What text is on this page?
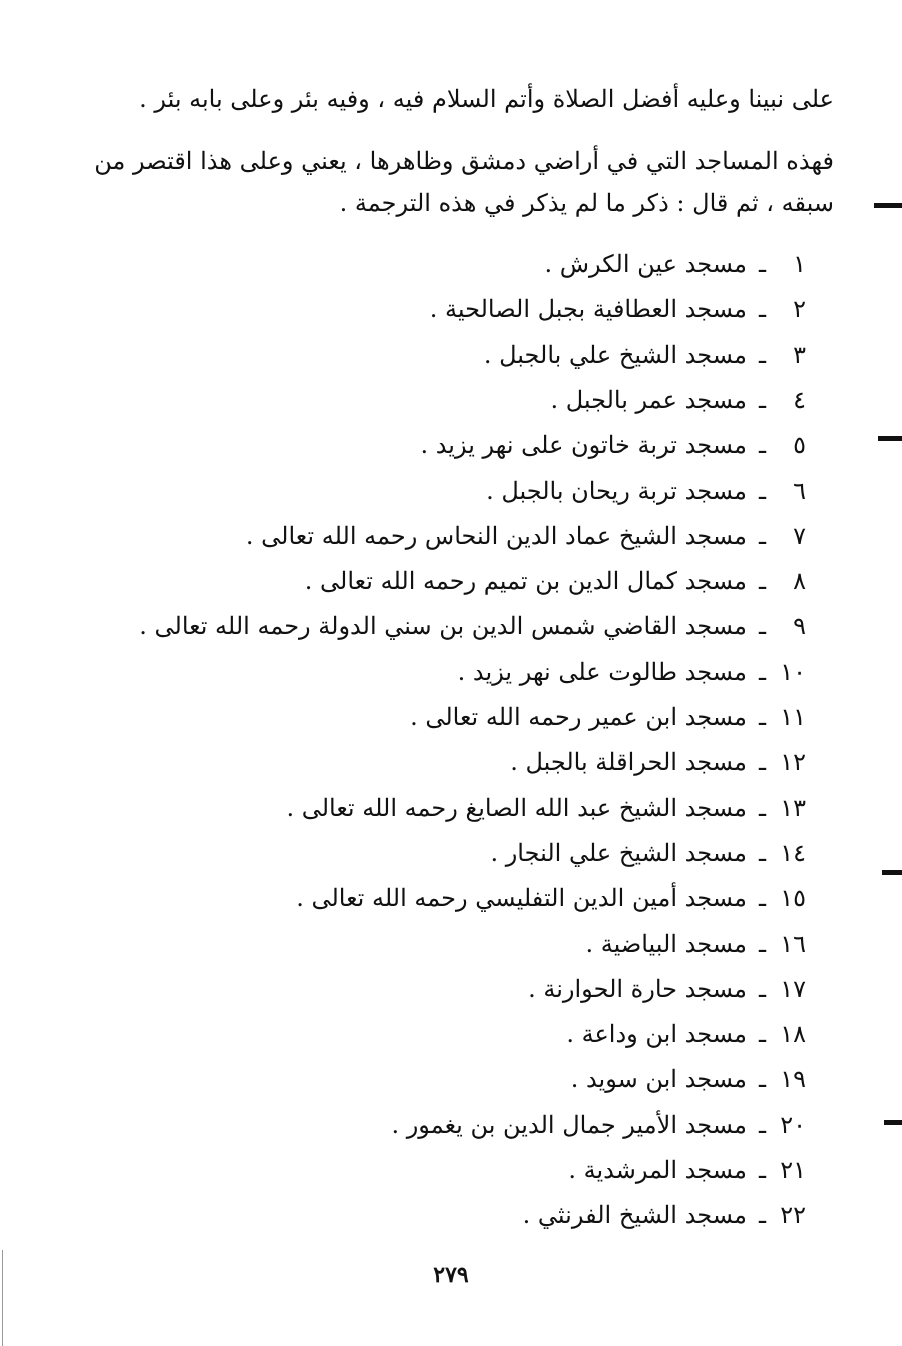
على نبينا وعليه أفضل الصلاة وأتم السلام فيه ، وفيه بئر وعلى بابه بئر .
فهذه المساجد التي في أراضي دمشق وظاهرها ، يعني وعلى هذا اقتصر من
سبقه ، ثم قال : ذكر ما لم يذكر في هذه الترجمة .
١
ـ
مسجد عين الكرش .
٢
ـ
مسجد العطافية بجبل الصالحية .
٣
ـ
مسجد الشيخ علي بالجبل .
٤
ـ
مسجد عمر بالجبل .
٥
ـ
مسجد تربة خاتون على نهر يزيد .
٦
ـ
مسجد تربة ريحان بالجبل .
٧
ـ
مسجد الشيخ عماد الدين النحاس رحمه الله تعالى .
٨
ـ
مسجد كمال الدين بن تميم رحمه الله تعالى .
٩
ـ
مسجد القاضي شمس الدين بن سني الدولة رحمه الله تعالى .
١٠
ـ
مسجد طالوت على نهر يزيد .
١١
ـ
مسجد ابن عمير رحمه الله تعالى .
١٢
ـ
مسجد الحراقلة بالجبل .
١٣
ـ
مسجد الشيخ عبد الله الصايغ رحمه الله تعالى .
١٤
ـ
مسجد الشيخ علي النجار .
١٥
ـ
مسجد أمين الدين التفليسي رحمه الله تعالى .
١٦
ـ
مسجد البياضية .
١٧
ـ
مسجد حارة الحوارنة .
١٨
ـ
مسجد ابن وداعة .
١٩
ـ
مسجد ابن سويد .
٢٠
ـ
مسجد الأمير جمال الدين بن يغمور .
٢١
ـ
مسجد المرشدية .
٢٢
ـ
مسجد الشيخ الفرنثي .
٢٧٩
